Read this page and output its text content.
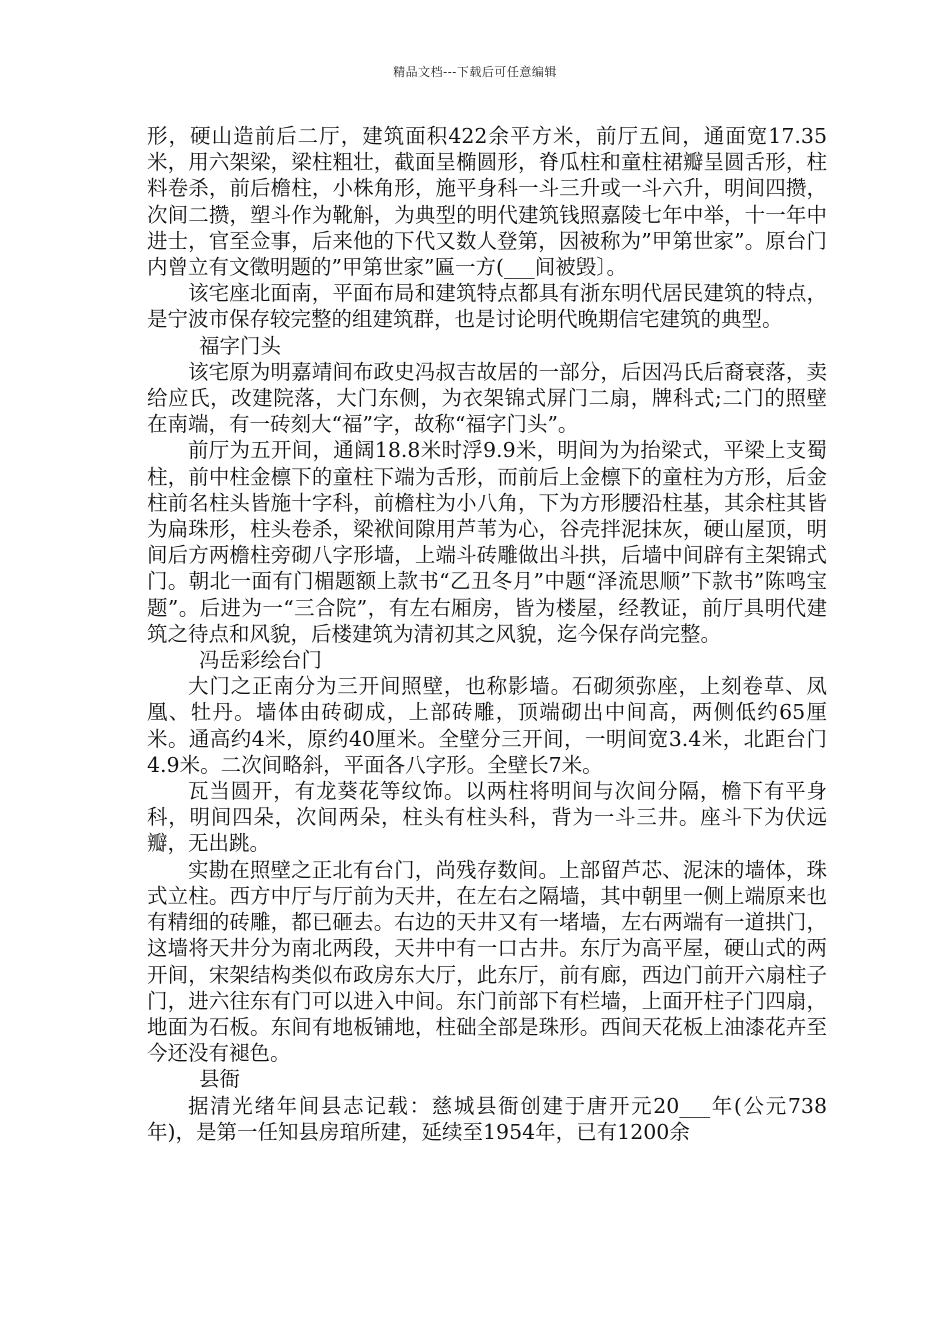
精品文档---下载后可任意编辑

形，硬山造前后二厅，建筑面积422余平方米，前厅五间，通面宽17.35米，用六架梁，梁柱粗壮，截面呈椭圆形，脊瓜柱和童柱裙瓣呈圆舌形，柱料卷杀，前后檐柱，小株角形，施平身科一斗三升或一斗六升，明间四攒，次间二攒，塑斗作为靴斛，为典型的明代建筑钱照嘉陵七年中举，十一年中进士，官至佥事，后来他的下代又数人登第，因被称为”甲第世家”。原台门内曾立有文徵明题的”甲第世家”匾一方(___间被毁〕。

该宅座北面南，平面布局和建筑特点都具有浙东明代居民建筑的特点，是宁波市保存较完整的组建筑群，也是讨论明代晚期信宅建筑的典型。

福字门头

该宅原为明嘉靖间布政史冯叔吉故居的一部分，后因冯氏后裔衰落，卖给应氏，改建院落，大门东侧，为衣架锦式屏门二扇，牌科式;二门的照壁在南端，有一砖刻大“福”字，故称“福字门头”。

前厅为五开间，通阔18.8米时浮9.9米，明间为为抬梁式，平梁上支蜀柱，前中柱金檩下的童柱下端为舌形，而前后上金檩下的童柱为方形，后金柱前名柱头皆施十字科，前檐柱为小八角，下为方形腰沿柱基，其余柱其皆为扁珠形，柱头卷杀，梁袱间隙用芦苇为心，谷壳拌泥抹灰，硬山屋顶，明间后方两檐柱旁砌八字形墙，上端斗砖雕做出斗拱，后墙中间辟有主架锦式门。朝北一面有门楣题额上款书“乙丑冬月”中题“泽流思顺”下款书”陈鸣宝题”。后进为一“三合院”，有左右厢房，皆为楼屋，经教证，前厅具明代建筑之待点和风貌，后楼建筑为清初其之风貌，迄今保存尚完整。

冯岳彩绘台门

大门之正南分为三开间照壁，也称影墙。石砌须弥座，上刻卷草、凤凰、牡丹。墙体由砖砌成，上部砖雕，顶端砌出中间高，两侧低约65厘米。通高约4米，原约40厘米。全壁分三开间，一明间宽3.4米，北距台门4.9米。二次间略斜，平面各八字形。全壁长7米。

瓦当圆开，有龙葵花等纹饰。以两柱将明间与次间分隔，檐下有平身科，明间四朵，次间两朵，柱头有柱头科，背为一斗三井。座斗下为伏远瓣，无出跳。

实勘在照壁之正北有台门，尚残存数间。上部留芦芯、泥沫的墙体，珠式立柱。西方中厅与厅前为天井，在左右之隔墙，其中朝里一侧上端原来也有精细的砖雕，都已砸去。右边的天井又有一堵墙，左右两端有一道拱门，这墙将天井分为南北两段，天井中有一口古井。东厅为高平屋，硬山式的两开间，宋架结构类似布政房东大厅，此东厅，前有廊，西边门前开六扇柱子门，进六往东有门可以进入中间。东门前部下有栏墙，上面开柱子门四扇，地面为石板。东间有地板铺地，柱础全部是珠形。西间天花板上油漆花卉至今还没有褪色。

县衙

据清光绪年间县志记载：慈城县衙创建于唐开元20___年(公元738年)，是第一任知县房琯所建，延续至1954年，已有1200余
